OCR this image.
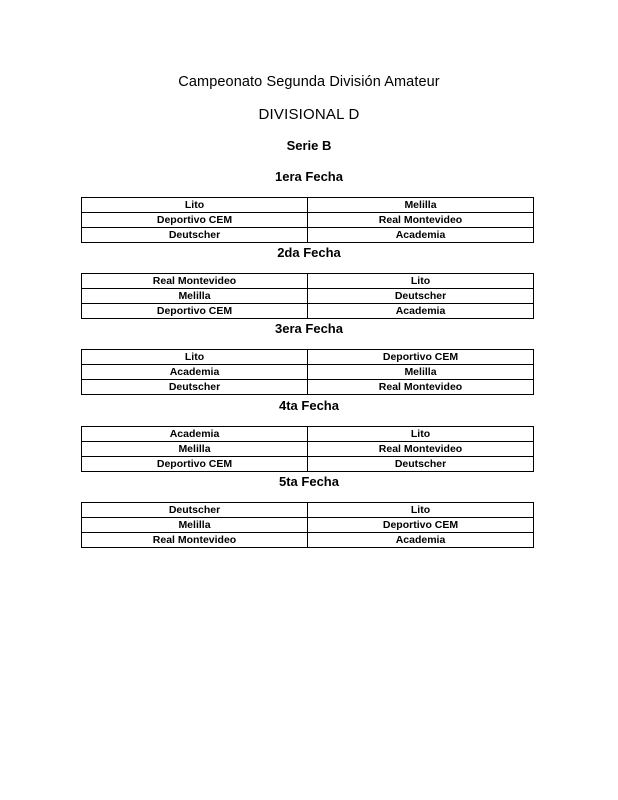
Campeonato Segunda División Amateur
DIVISIONAL D
Serie B
1era Fecha
Lito	Melilla
Deportivo CEM	Real Montevideo
Deutscher	Academia
2da Fecha
Real Montevideo	Lito
Melilla	Deutscher
Deportivo CEM	Academia
3era Fecha
Lito	Deportivo CEM
Academia	Melilla
Deutscher	Real Montevideo
4ta Fecha
Academia	Lito
Melilla	Real Montevideo
Deportivo CEM	Deutscher
5ta Fecha
Deutscher	Lito
Melilla	Deportivo CEM
Real Montevideo	Academia
